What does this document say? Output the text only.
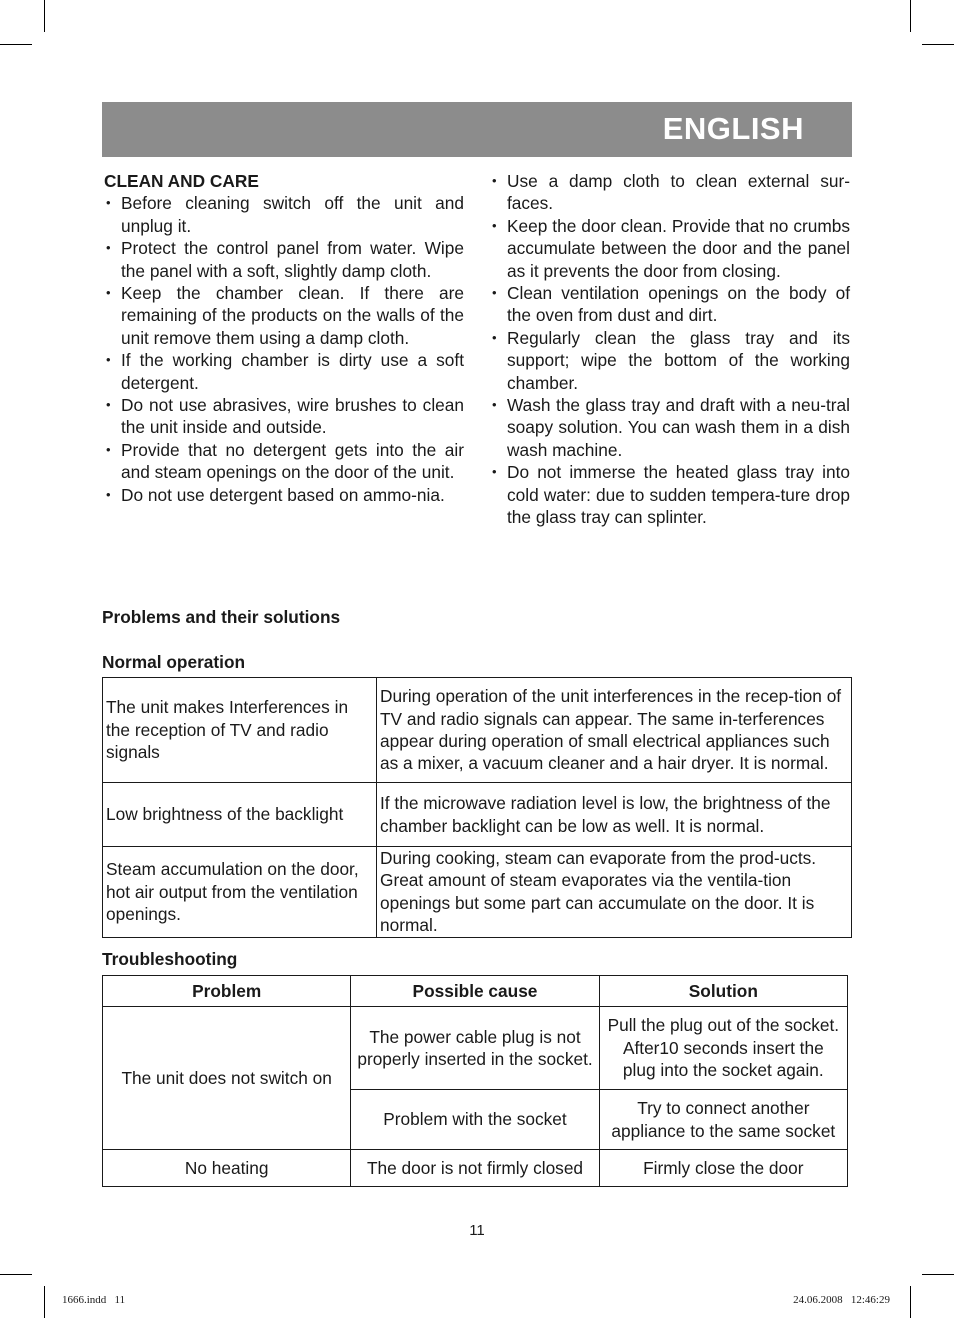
ENGLISH

CLEAN AND CARE

• Before cleaning switch off the unit and unplug it.
• Protect the control panel from water. Wipe the panel with a soft, slightly damp cloth.
• Keep the chamber clean. If there are remaining of the products on the walls of the unit remove them using a damp cloth.
• If the working chamber is dirty use a soft detergent.
• Do not use abrasives, wire brushes to clean the unit inside and outside.
• Provide that no detergent gets into the air and steam openings on the door of the unit.
• Do not use detergent based on ammo-nia.
• Use a damp cloth to clean external sur-faces.
• Keep the door clean. Provide that no crumbs accumulate between the door and the panel as it prevents the door from closing.
• Clean ventilation openings on the body of the oven from dust and dirt.
• Regularly clean the glass tray and its support; wipe the bottom of the working chamber.
• Wash the glass tray and draft with a neu-tral soapy solution. You can wash them in a dish wash machine.
• Do not immerse the heated glass tray into cold water: due to sudden tempera-ture drop the glass tray can splinter.
Problems and their solutions
Normal operation
The unit makes Interferences in the reception of TV and radio signals	During operation of the unit interferences in the recep-tion of TV and radio signals can appear. The same in-terferences appear during operation of small electrical appliances such as a mixer, a vacuum cleaner and a hair dryer. It is normal.
Low brightness of the backlight	If the microwave radiation level is low, the brightness of the chamber backlight can be low as well. It is normal.
Steam accumulation on the door, hot air output from the ventilation openings.	During cooking, steam can evaporate from the prod-ucts. Great amount of steam evaporates via the ventila-tion openings but some part can accumulate on the door. It is normal.
Troubleshooting
Problem	Possible cause	Solution
The unit does not switch on	The power cable plug is not properly inserted in the socket.	Pull the plug out of the socket. After10 seconds insert the plug into the socket again.
	Problem with the socket	Try to connect another appliance to the same socket
No heating	The door is not firmly closed	Firmly close the door
11
1666.indd   11	24.06.2008   12:46:29
